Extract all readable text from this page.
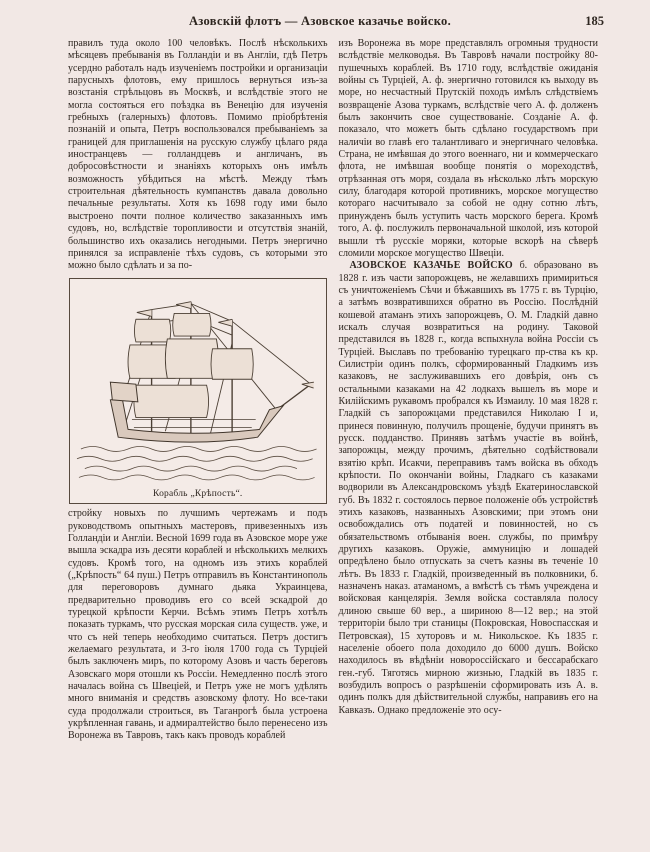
Азовскій флотъ — Азовское казачье войско.	185

правилъ туда около 100 человѣкъ. Послѣ нѣсколькихъ мѣсяцевъ пребыванія въ Голландіи и въ Англіи, гдѣ Петръ усердно работалъ надъ изученіемъ постройки и организаціи парусныхъ флотовъ, ему пришлось вернуться изъ-за возстанія стрѣльцовъ въ Москвѣ, и вслѣдствіе этого не могла состояться его поѣздка въ Венецію для изученія гребныхъ (галерныхъ) флотовъ. Помимо пріобрѣтенія познаній и опыта, Петръ воспользовался пребываніемъ за границей для приглашенія на русскую службу цѣлаго ряда иностранцевъ — голландцевъ и англичанъ, въ добросовѣстности и знаніяхъ которыхъ онъ имѣлъ возможность убѣдиться на мѣстѣ. Между тѣмъ строительная дѣятельность кумпанствъ давала довольно печальные результаты. Хотя къ 1698 году ими было выстроено почти полное количество заказанныхъ имъ судовъ, но, вслѣдствіе торопливости и отсутствія знаній, большинство ихъ оказались негодными. Петръ энергично принялся за исправленіе тѣхъ судовъ, съ которыми это можно было сдѣлать и за по-

Корабль „Крѣпость“.

стройку новыхъ по лучшимъ чертежамъ и подъ руководствомъ опытныхъ мастеровъ, привезенныхъ изъ Голландіи и Англіи. Весной 1699 года въ Азовское море уже вышла эскадра изъ десяти кораблей и нѣсколькихъ мелкихъ судовъ. Кромѣ того, на одномъ изъ этихъ кораблей („Крѣпость“ 64 пуш.) Петръ отправилъ въ Константинополь для переговоровъ думнаго дьяка Украинцева, предварительно проводивъ его со всей эскадрой до турецкой крѣпости Керчи. Всѣмъ этимъ Петръ хотѣлъ показать туркамъ, что русская морская сила существ. уже, и что съ ней теперь необходимо считаться. Петръ достигъ желаемаго результата, и 3-го іюля 1700 года съ Турціей былъ заключенъ миръ, по которому Азовъ и часть береговъ Азовскаго моря отошли къ Россіи. Немедленно послѣ этого началась война съ Швеціей, и Петръ уже не могъ удѣлять много вниманія и средствъ азовскому флоту. Но все-таки суда продолжали строиться, въ Таганрогѣ была устроена укрѣпленная гавань, и адмиралтейство было перенесено изъ Воронежа въ Тавровъ, такъ какъ проводъ кораблей

изъ Воронежа въ море представлялъ огромныя трудности вслѣдствіе мелководья. Въ Тавровѣ начали постройку 80-пушечныхъ кораблей. Въ 1710 году, вслѣдствіе ожиданія войны съ Турціей, А. ф. энергично готовился къ выходу въ море, но несчастный Прутскій походъ имѣлъ слѣдствіемъ возвращеніе Азова туркамъ, вслѣдствіе чего А. ф. долженъ былъ закончить свое существованіе. Созданіе А. ф. показало, что можетъ быть сдѣлано государствомъ при наличіи во главѣ его талантливаго и энергичнаго человѣка. Страна, не имѣвшая до этого военнаго, ни и коммерческаго флота, не имѣвшая вообще понятія о мореходствѣ, отрѣзанная отъ моря, создала въ нѣсколько лѣтъ морскую силу, благодаря которой противникъ, морское могущество котораго насчитывало за собой не одну сотню лѣтъ, принужденъ былъ уступить часть морского берега. Кромѣ того, А. ф. послужилъ первоначальной школой, изъ которой вышли тѣ русскіе моряки, которые вскорѣ на сѣверѣ сломили морское могущество Швеціи.

АЗОВСКОЕ КАЗАЧЬЕ ВОЙСКО б. образовано въ 1828 г. изъ части запорожцевъ, не желавшихъ примириться съ уничтоженіемъ Сѣчи и бѣжавшихъ въ 1775 г. въ Турцію, а затѣмъ возвратившихся обратно въ Россію. Послѣдній кошевой атаманъ этихъ запорожцевъ, О. М. Гладкій давно искалъ случая возвратиться на родину. Таковой представился въ 1828 г., когда вспыхнула война Россіи съ Турціей. Выславъ по требованію турецкаго пр-ства къ кр. Силистріи одинъ полкъ, сформированный Гладкимъ изъ казаковъ, не заслуживавшихъ его довѣрія, онъ съ остальными казаками на 42 лодкахъ вышелъ въ море и Килійскимъ рукавомъ пробрался къ Измаилу. 10 мая 1828 г. Гладкій съ запорожцами представился Николаю I и, принеся повинную, получилъ прощеніе, будучи принятъ въ русск. подданство. Принявъ затѣмъ участіе въ войнѣ, запорожцы, между прочимъ, дѣятельно содѣйствовали взятію крѣп. Исакчи, переправивъ тамъ войска въ обходъ крѣпости. По окончаніи войны, Гладкаго съ казаками водворили въ Александровскомъ уѣздѣ Екатеринославской губ. Въ 1832 г. состоялось первое положеніе объ устройствѣ этихъ казаковъ, названныхъ Азовскими; при этомъ они освобождались отъ податей и повинностей, но съ обязательствомъ отбыванія воен. службы, по примѣру другихъ казаковъ. Оружіе, аммуницію и лошадей опредѣлено было отпускать за счетъ казны въ теченіе 10 лѣтъ. Въ 1833 г. Гладкій, произведенный въ полковники, б. назначенъ наказ. атаманомъ, а вмѣстѣ съ тѣмъ учреждена и войсковая канцелярія. Земля войска составляла полосу длиною свыше 60 вер., а шириною 8—12 вер.; на этой территоріи было три станицы (Покровская, Новоспасская и Петровская), 15 хуторовъ и м. Никольское. Къ 1835 г. населеніе обоего пола доходило до 6000 душъ. Войско находилось въ вѣдѣніи новороссійскаго и бессарабскаго ген.-губ. Тяготясь мирною жизнью, Гладкій въ 1835 г. возбудилъ вопросъ о разрѣшеніи сформировать изъ А. в. одинъ полкъ для дѣйствительной службы, направивъ его на Кавказъ. Однако предложеніе это осу-
